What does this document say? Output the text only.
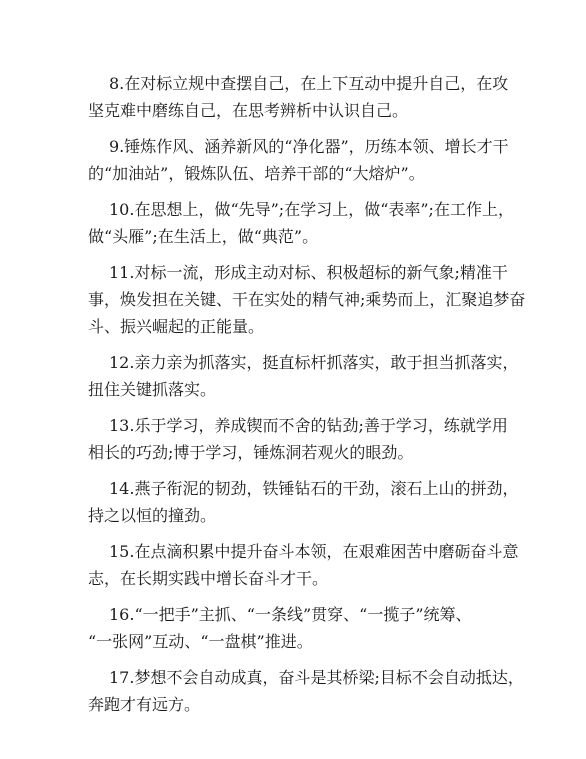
8.在对标立规中查摆自己，在上下互动中提升自己，在攻
坚克难中磨练自己，在思考辨析中认识自己。
9.锤炼作风、涵养新风的“净化器”，历练本领、增长才干
的“加油站”，锻炼队伍、培养干部的“大熔炉”。
10.在思想上，做“先导”;在学习上，做“表率”;在工作上，
做“头雁”;在生活上，做“典范”。
11.对标一流，形成主动对标、积极超标的新气象;精准干
事，焕发担在关键、干在实处的精气神;乘势而上，汇聚追梦奋
斗、振兴崛起的正能量。
12.亲力亲为抓落实，挺直标杆抓落实，敢于担当抓落实，
扭住关键抓落实。
13.乐于学习，养成锲而不舍的钻劲;善于学习，练就学用
相长的巧劲;博于学习，锤炼洞若观火的眼劲。
14.燕子衔泥的韧劲，铁锤钻石的干劲，滚石上山的拼劲，
持之以恒的撞劲。
15.在点滴积累中提升奋斗本领，在艰难困苦中磨砺奋斗意
志，在长期实践中增长奋斗才干。
16.“一把手”主抓、“一条线”贯穿、“一揽子”统筹、
“一张网”互动、“一盘棋”推进。
17.梦想不会自动成真，奋斗是其桥梁;目标不会自动抵达，
奔跑才有远方。
